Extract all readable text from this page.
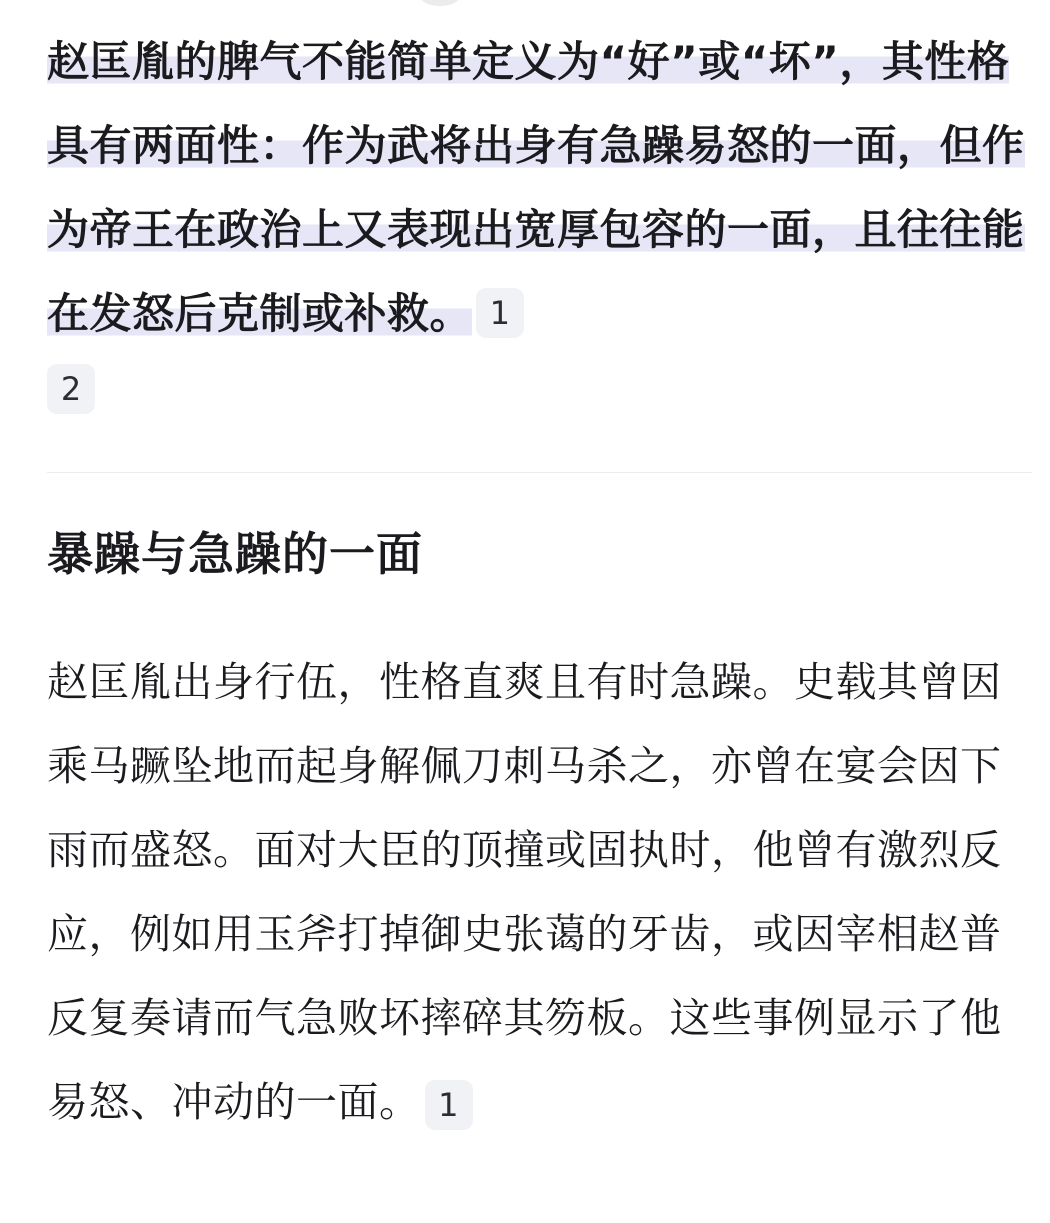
赵匡胤的脾气不能简单定义为“好”或“坏”，其性格具有两面性：作为武将出身有急躁易怒的一面，但作为帝王在政治上又表现出宽厚包容的一面，且往往能在发怒后克制或补救。 1

2
暴躁与急躁的一面

赵匡胤出身行伍，性格直爽且有时急躁。史载其曾因乘马蹶坠地而起身解佩刀刺马杀之，亦曾在宴会因下雨而盛怒。面对大臣的顶撞或固执时，他曾有激烈反应，例如用玉斧打掉御史张蔼的牙齿，或因宰相赵普反复奏请而气急败坏摔碎其笏板。这些事例显示了他易怒、冲动的一面。 1
